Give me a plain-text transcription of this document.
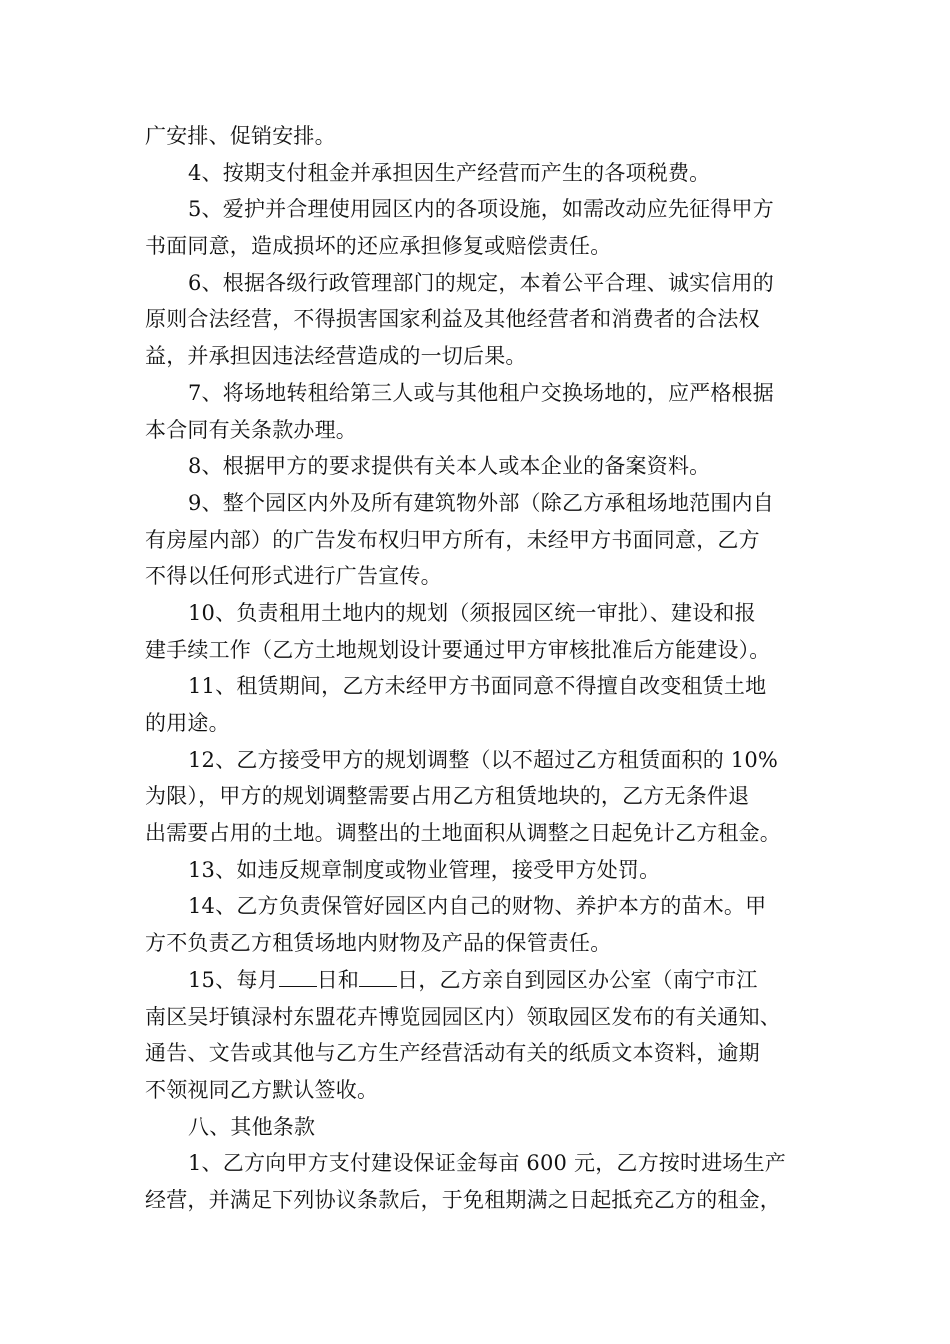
广安排、促销安排。
4、按期支付租金并承担因生产经营而产生的各项税费。
5、爱护并合理使用园区内的各项设施，如需改动应先征得甲方
书面同意，造成损坏的还应承担修复或赔偿责任。
6、根据各级行政管理部门的规定，本着公平合理、诚实信用的
原则合法经营，不得损害国家利益及其他经营者和消费者的合法权
益，并承担因违法经营造成的一切后果。
7、将场地转租给第三人或与其他租户交换场地的，应严格根据
本合同有关条款办理。
8、根据甲方的要求提供有关本人或本企业的备案资料。
9、整个园区内外及所有建筑物外部（除乙方承租场地范围内自
有房屋内部）的广告发布权归甲方所有，未经甲方书面同意，乙方
不得以任何形式进行广告宣传。
10、负责租用土地内的规划（须报园区统一审批）、建设和报
建手续工作（乙方土地规划设计要通过甲方审核批准后方能建设）。
11、租赁期间，乙方未经甲方书面同意不得擅自改变租赁土地
的用途。
12、乙方接受甲方的规划调整（以不超过乙方租赁面积的 10%
为限），甲方的规划调整需要占用乙方租赁地块的，乙方无条件退
出需要占用的土地。调整出的土地面积从调整之日起免计乙方租金。
13、如违反规章制度或物业管理，接受甲方处罚。
14、乙方负责保管好园区内自己的财物、养护本方的苗木。甲
方不负责乙方租赁场地内财物及产品的保管责任。
15、每月 日和 日，乙方亲自到园区办公室（南宁市江
南区吴圩镇渌村东盟花卉博览园园区内）领取园区发布的有关通知、
通告、文告或其他与乙方生产经营活动有关的纸质文本资料，逾期
不领视同乙方默认签收。
八、其他条款
1、乙方向甲方支付建设保证金每亩 600 元，乙方按时进场生产
经营，并满足下列协议条款后，于免租期满之日起抵充乙方的租金，
